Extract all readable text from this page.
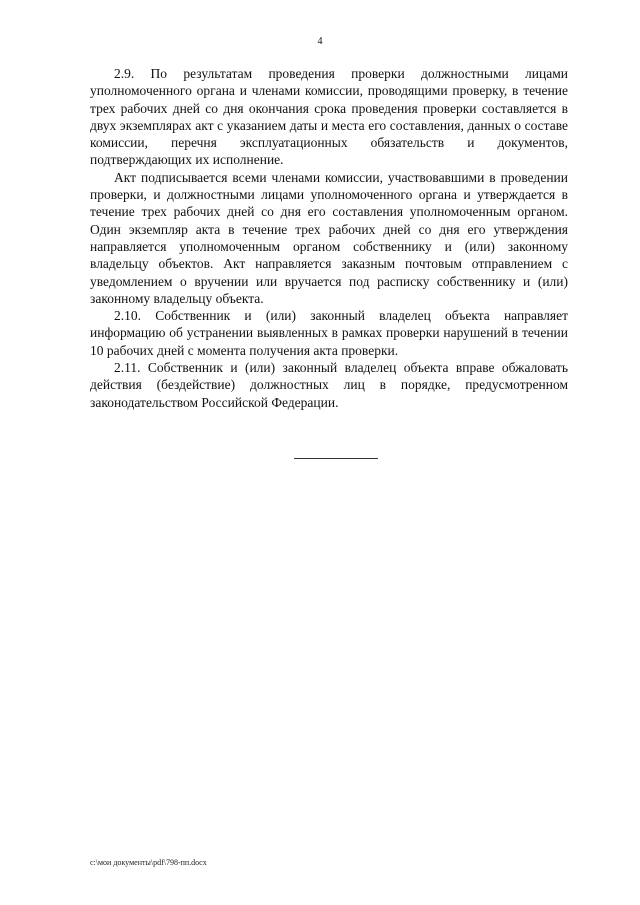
4

2.9. По результатам проведения проверки должностными лицами уполномоченного органа и членами комиссии, проводящими проверку, в течение трех рабочих дней со дня окончания срока проведения проверки составляется в двух экземплярах акт с указанием даты и места его составления, данных о составе комиссии, перечня эксплуатационных обязательств и документов, подтверждающих их исполнение.

Акт подписывается всеми членами комиссии, участвовавшими в проведении проверки, и должностными лицами уполномоченного органа и утверждается в течение трех рабочих дней со дня его составления уполномоченным органом. Один экземпляр акта в течение трех рабочих дней со дня его утверждения направляется уполномоченным органом собственнику и (или) законному владельцу объектов. Акт направляется заказным почтовым отправлением с уведомлением о вручении или вручается под расписку собственнику и (или) законному владельцу объекта.

2.10. Собственник и (или) законный владелец объекта направляет информацию об устранении выявленных в рамках проверки нарушений в течении 10 рабочих дней с момента получения акта проверки.

2.11. Собственник и (или) законный владелец объекта вправе обжаловать действия (бездействие) должностных лиц в порядке, предусмотренном законодательством Российской Федерации.

c:\мои документы\pdf\798-пп.docx
